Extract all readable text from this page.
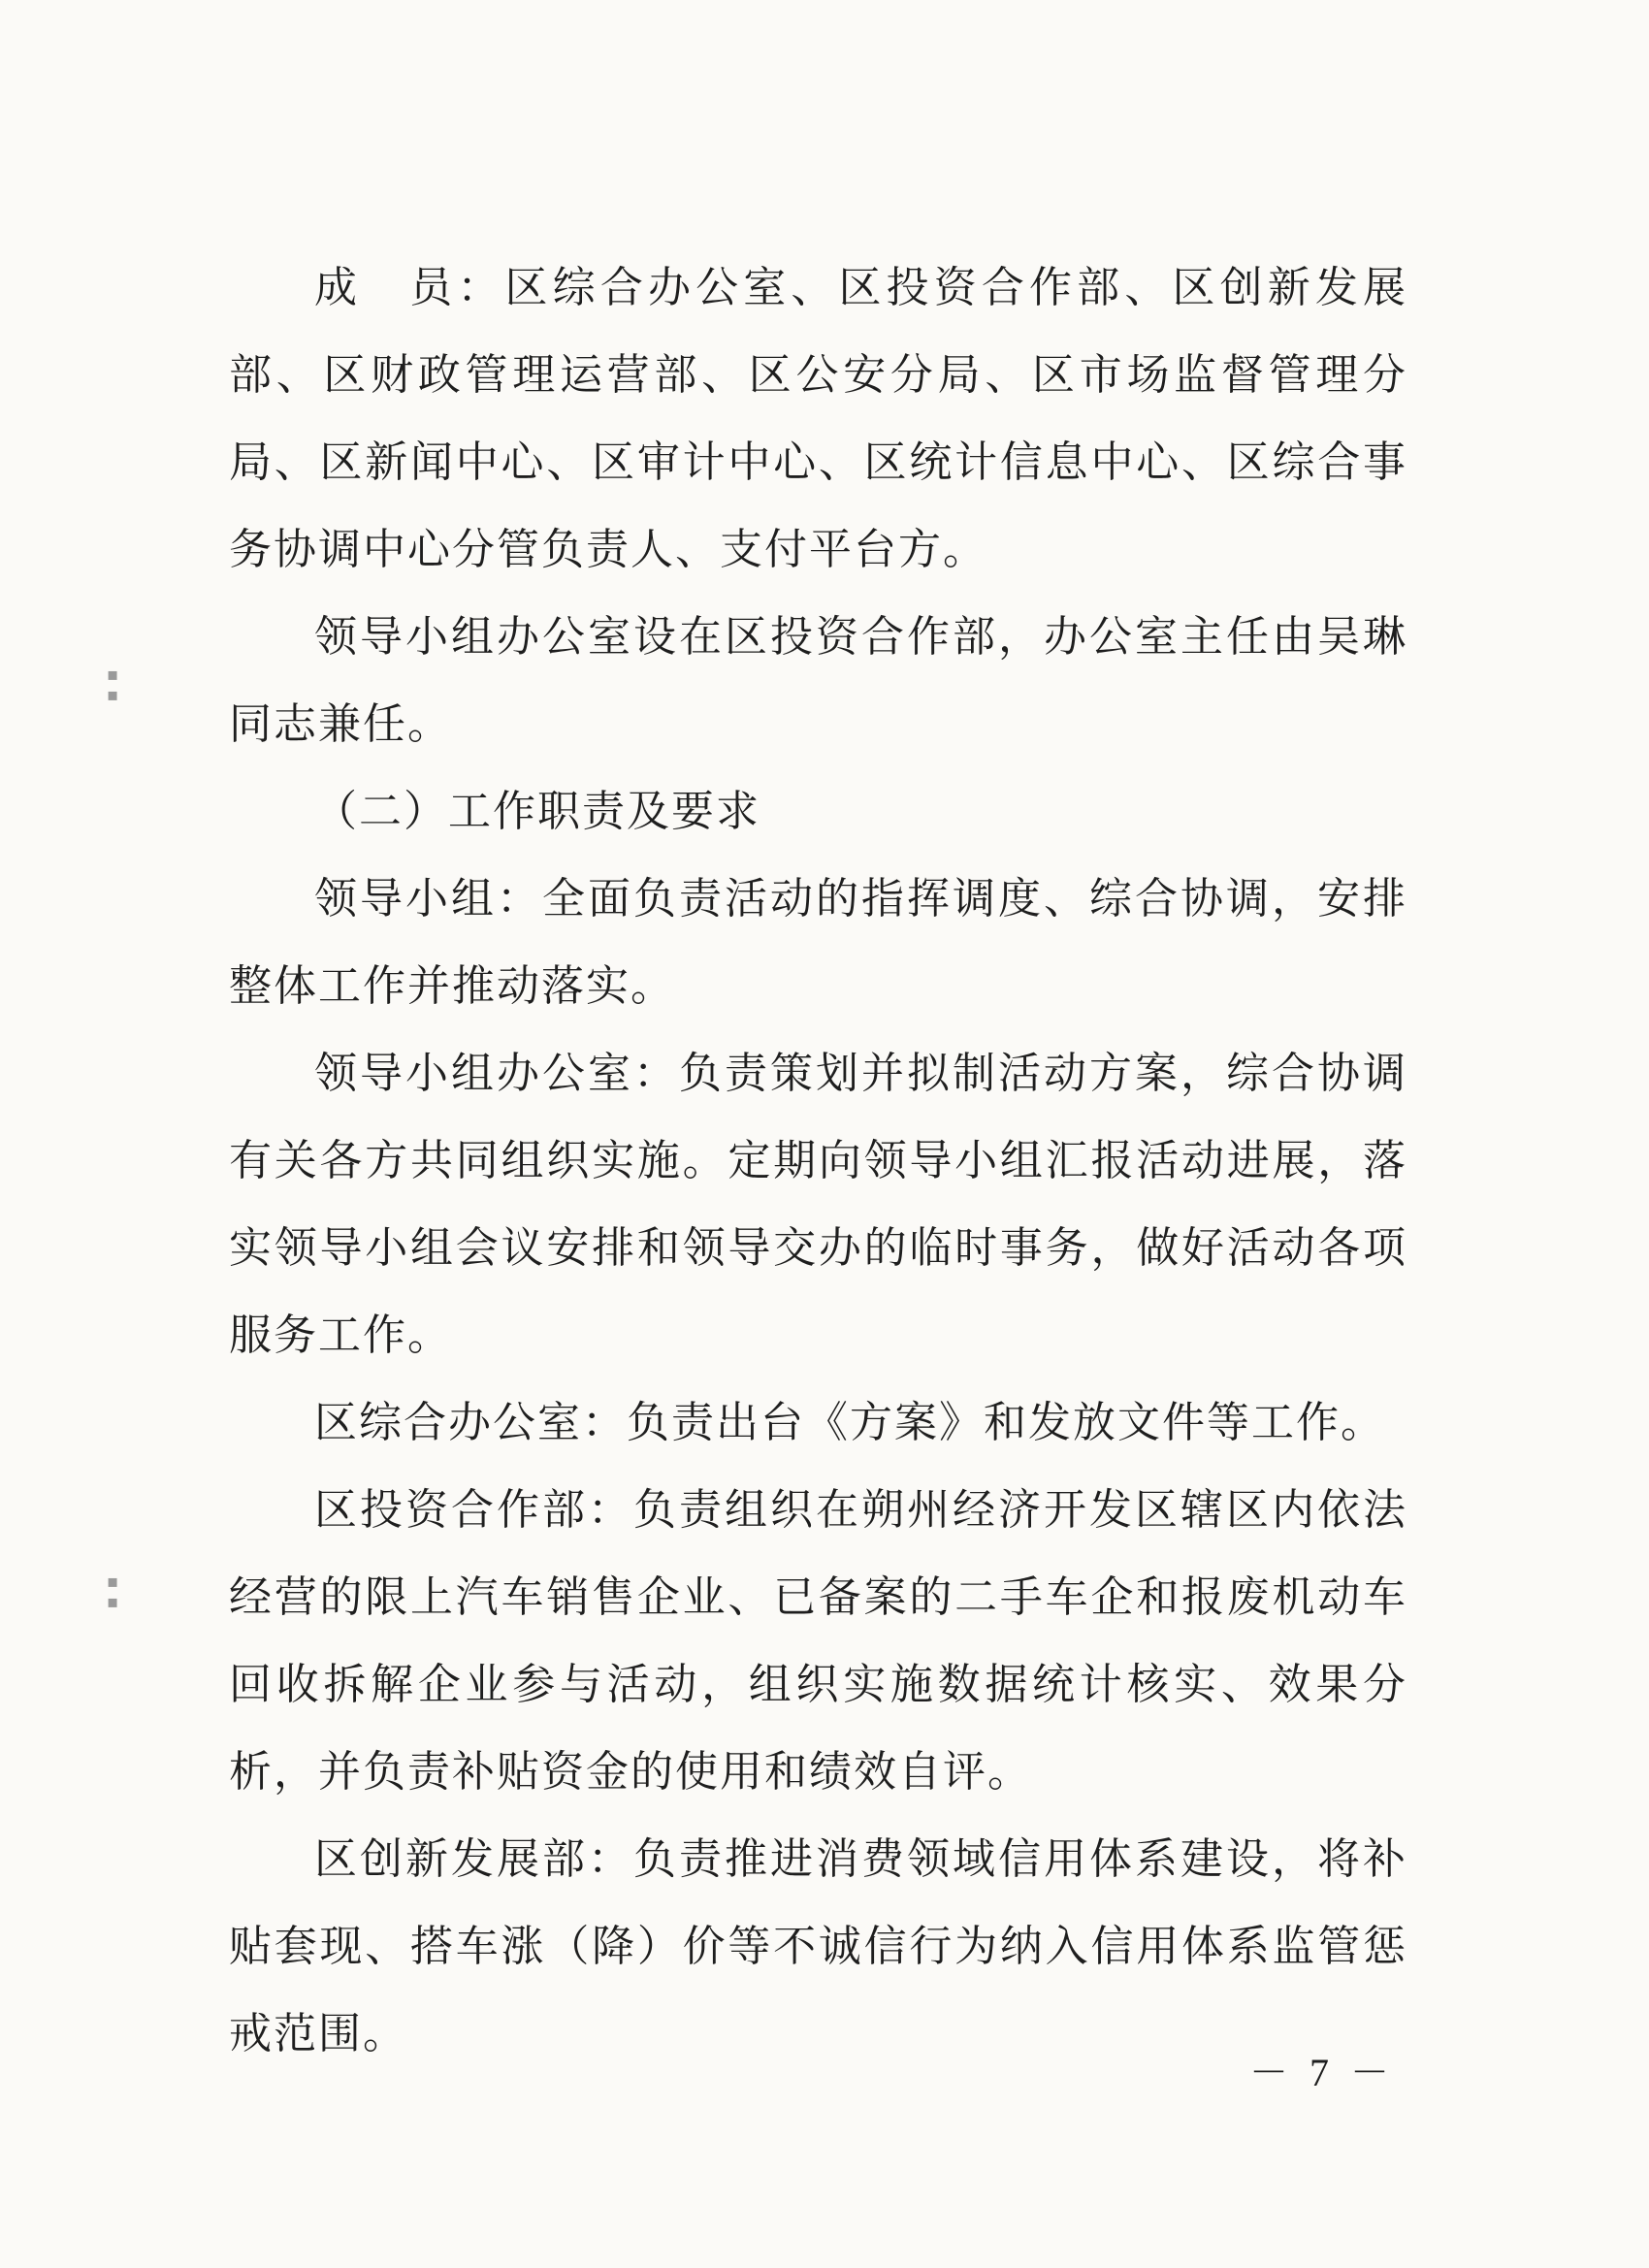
成　员：区综合办公室、区投资合作部、区创新发展部、区财政管理运营部、区公安分局、区市场监督管理分局、区新闻中心、区审计中心、区统计信息中心、区综合事务协调中心分管负责人、支付平台方。

领导小组办公室设在区投资合作部，办公室主任由吴琳同志兼任。

（二）工作职责及要求

领导小组：全面负责活动的指挥调度、综合协调，安排整体工作并推动落实。

领导小组办公室：负责策划并拟制活动方案，综合协调有关各方共同组织实施。定期向领导小组汇报活动进展，落实领导小组会议安排和领导交办的临时事务，做好活动各项服务工作。

区综合办公室：负责出台《方案》和发放文件等工作。

区投资合作部：负责组织在朔州经济开发区辖区内依法经营的限上汽车销售企业、已备案的二手车企和报废机动车回收拆解企业参与活动，组织实施数据统计核实、效果分析，并负责补贴资金的使用和绩效自评。

区创新发展部：负责推进消费领域信用体系建设，将补贴套现、搭车涨（降）价等不诚信行为纳入信用体系监管惩戒范围。

▪
▪
▪
▪
－ 7 －
